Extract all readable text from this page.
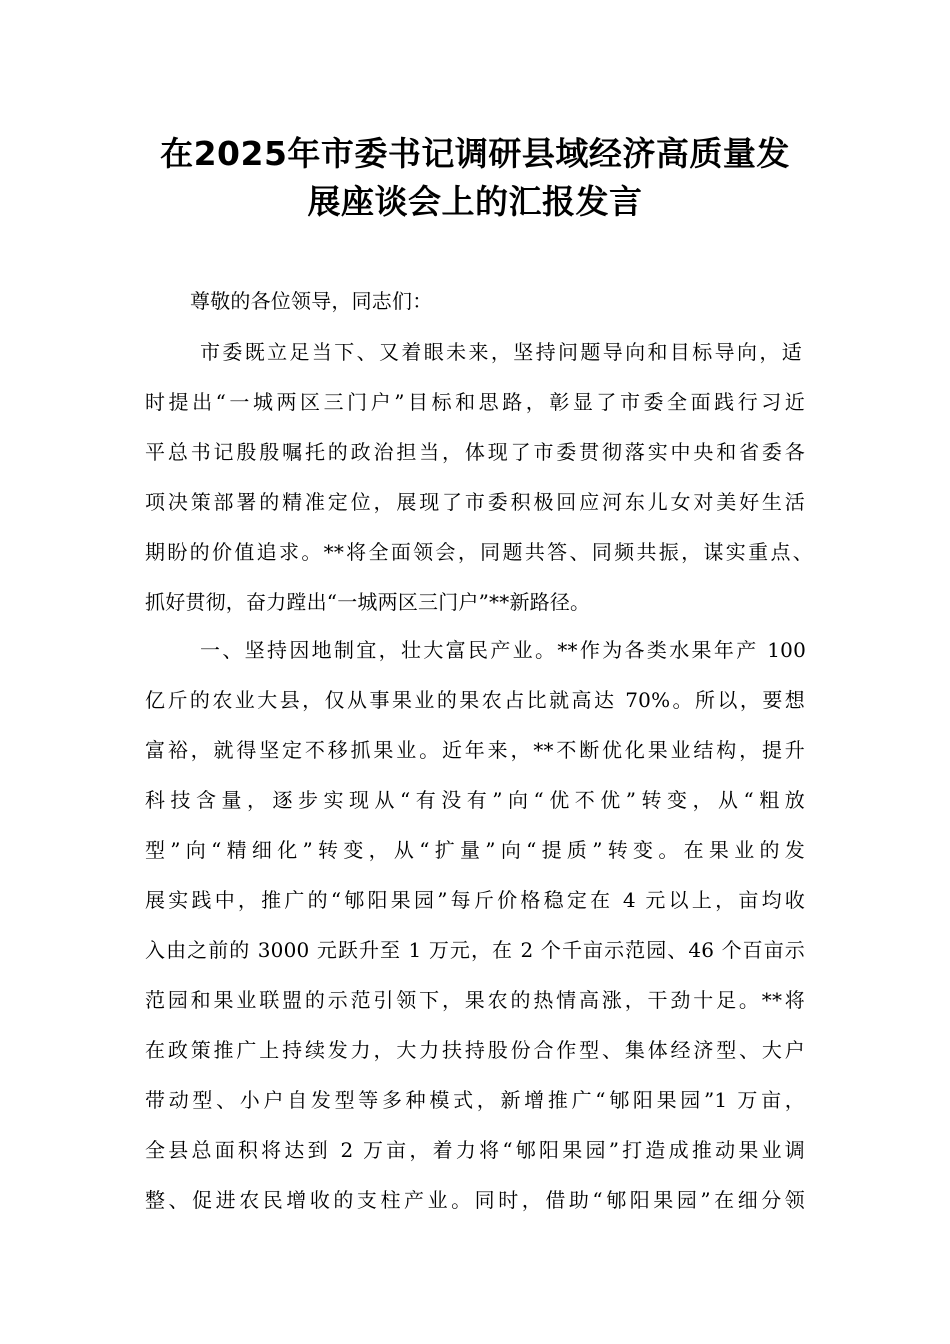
在2025年市委书记调研县域经济高质量发
展座谈会上的汇报发言
尊敬的各位领导，同志们：
市委既立足当下、又着眼未来，坚持问题导向和目标导向，适
时提出“一城两区三门户”目标和思路，彰显了市委全面践行习近
平总书记殷殷嘱托的政治担当，体现了市委贯彻落实中央和省委各
项决策部署的精准定位，展现了市委积极回应河东儿女对美好生活
期盼的价值追求。**将全面领会，同题共答、同频共振，谋实重点、
抓好贯彻，奋力蹚出“一城两区三门户”**新路径。
一、坚持因地制宜，壮大富民产业。**作为各类水果年产 100
亿斤的农业大县，仅从事果业的果农占比就高达 70%。所以，要想
富裕，就得坚定不移抓果业。近年来，**不断优化果业结构，提升
科技含量，逐步实现从“有没有”向“优不优”转变，从“粗放
型”向“精细化”转变，从“扩量”向“提质”转变。在果业的发
展实践中，推广的“郇阳果园”每斤价格稳定在 4 元以上，亩均收
入由之前的 3000 元跃升至 1 万元，在 2 个千亩示范园、46 个百亩示
范园和果业联盟的示范引领下，果农的热情高涨，干劲十足。**将
在政策推广上持续发力，大力扶持股份合作型、集体经济型、大户
带动型、小户自发型等多种模式，新增推广“郇阳果园”1 万亩，
全县总面积将达到 2 万亩，着力将“郇阳果园”打造成推动果业调
整、促进农民增收的支柱产业。同时，借助“郇阳果园”在细分领
